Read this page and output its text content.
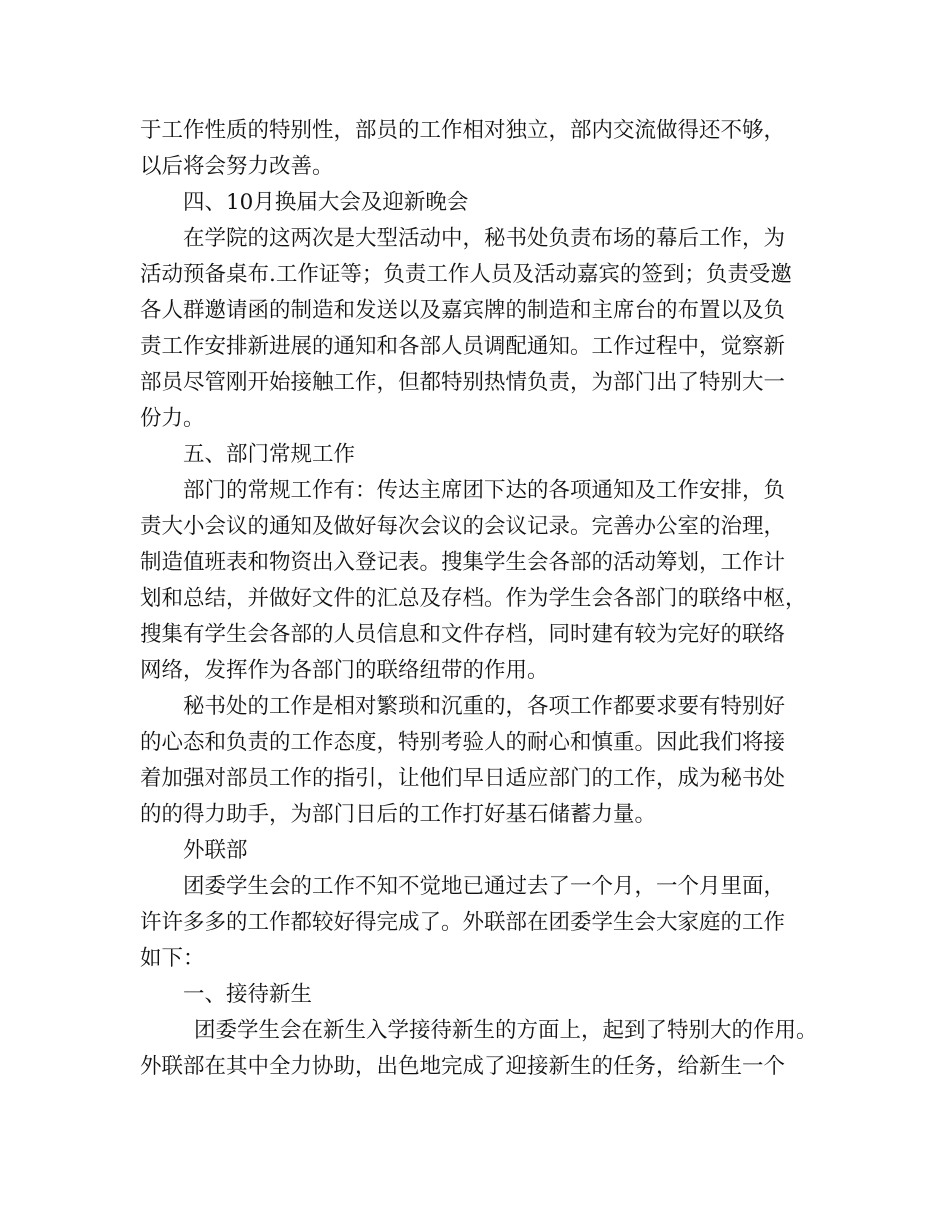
于工作性质的特别性，部员的工作相对独立，部内交流做得还不够，
以后将会努力改善。
四、10月换届大会及迎新晚会
在学院的这两次是大型活动中，秘书处负责布场的幕后工作，为
活动预备桌布.工作证等；负责工作人员及活动嘉宾的签到；负责受邀
各人群邀请函的制造和发送以及嘉宾牌的制造和主席台的布置以及负
责工作安排新进展的通知和各部人员调配通知。工作过程中，觉察新
部员尽管刚开始接触工作，但都特别热情负责，为部门出了特别大一
份力。
五、部门常规工作
部门的常规工作有：传达主席团下达的各项通知及工作安排，负
责大小会议的通知及做好每次会议的会议记录。完善办公室的治理，
制造值班表和物资出入登记表。搜集学生会各部的活动筹划，工作计
划和总结，并做好文件的汇总及存档。作为学生会各部门的联络中枢，
搜集有学生会各部的人员信息和文件存档，同时建有较为完好的联络
网络，发挥作为各部门的联络纽带的作用。
秘书处的工作是相对繁琐和沉重的，各项工作都要求要有特别好
的心态和负责的工作态度，特别考验人的耐心和慎重。因此我们将接
着加强对部员工作的指引，让他们早日适应部门的工作，成为秘书处
的的得力助手，为部门日后的工作打好基石储蓄力量。
外联部
团委学生会的工作不知不觉地已通过去了一个月，一个月里面，
许许多多的工作都较好得完成了。外联部在团委学生会大家庭的工作
如下：
一、接待新生
团委学生会在新生入学接待新生的方面上，起到了特别大的作用。
外联部在其中全力协助，出色地完成了迎接新生的任务，给新生一个
